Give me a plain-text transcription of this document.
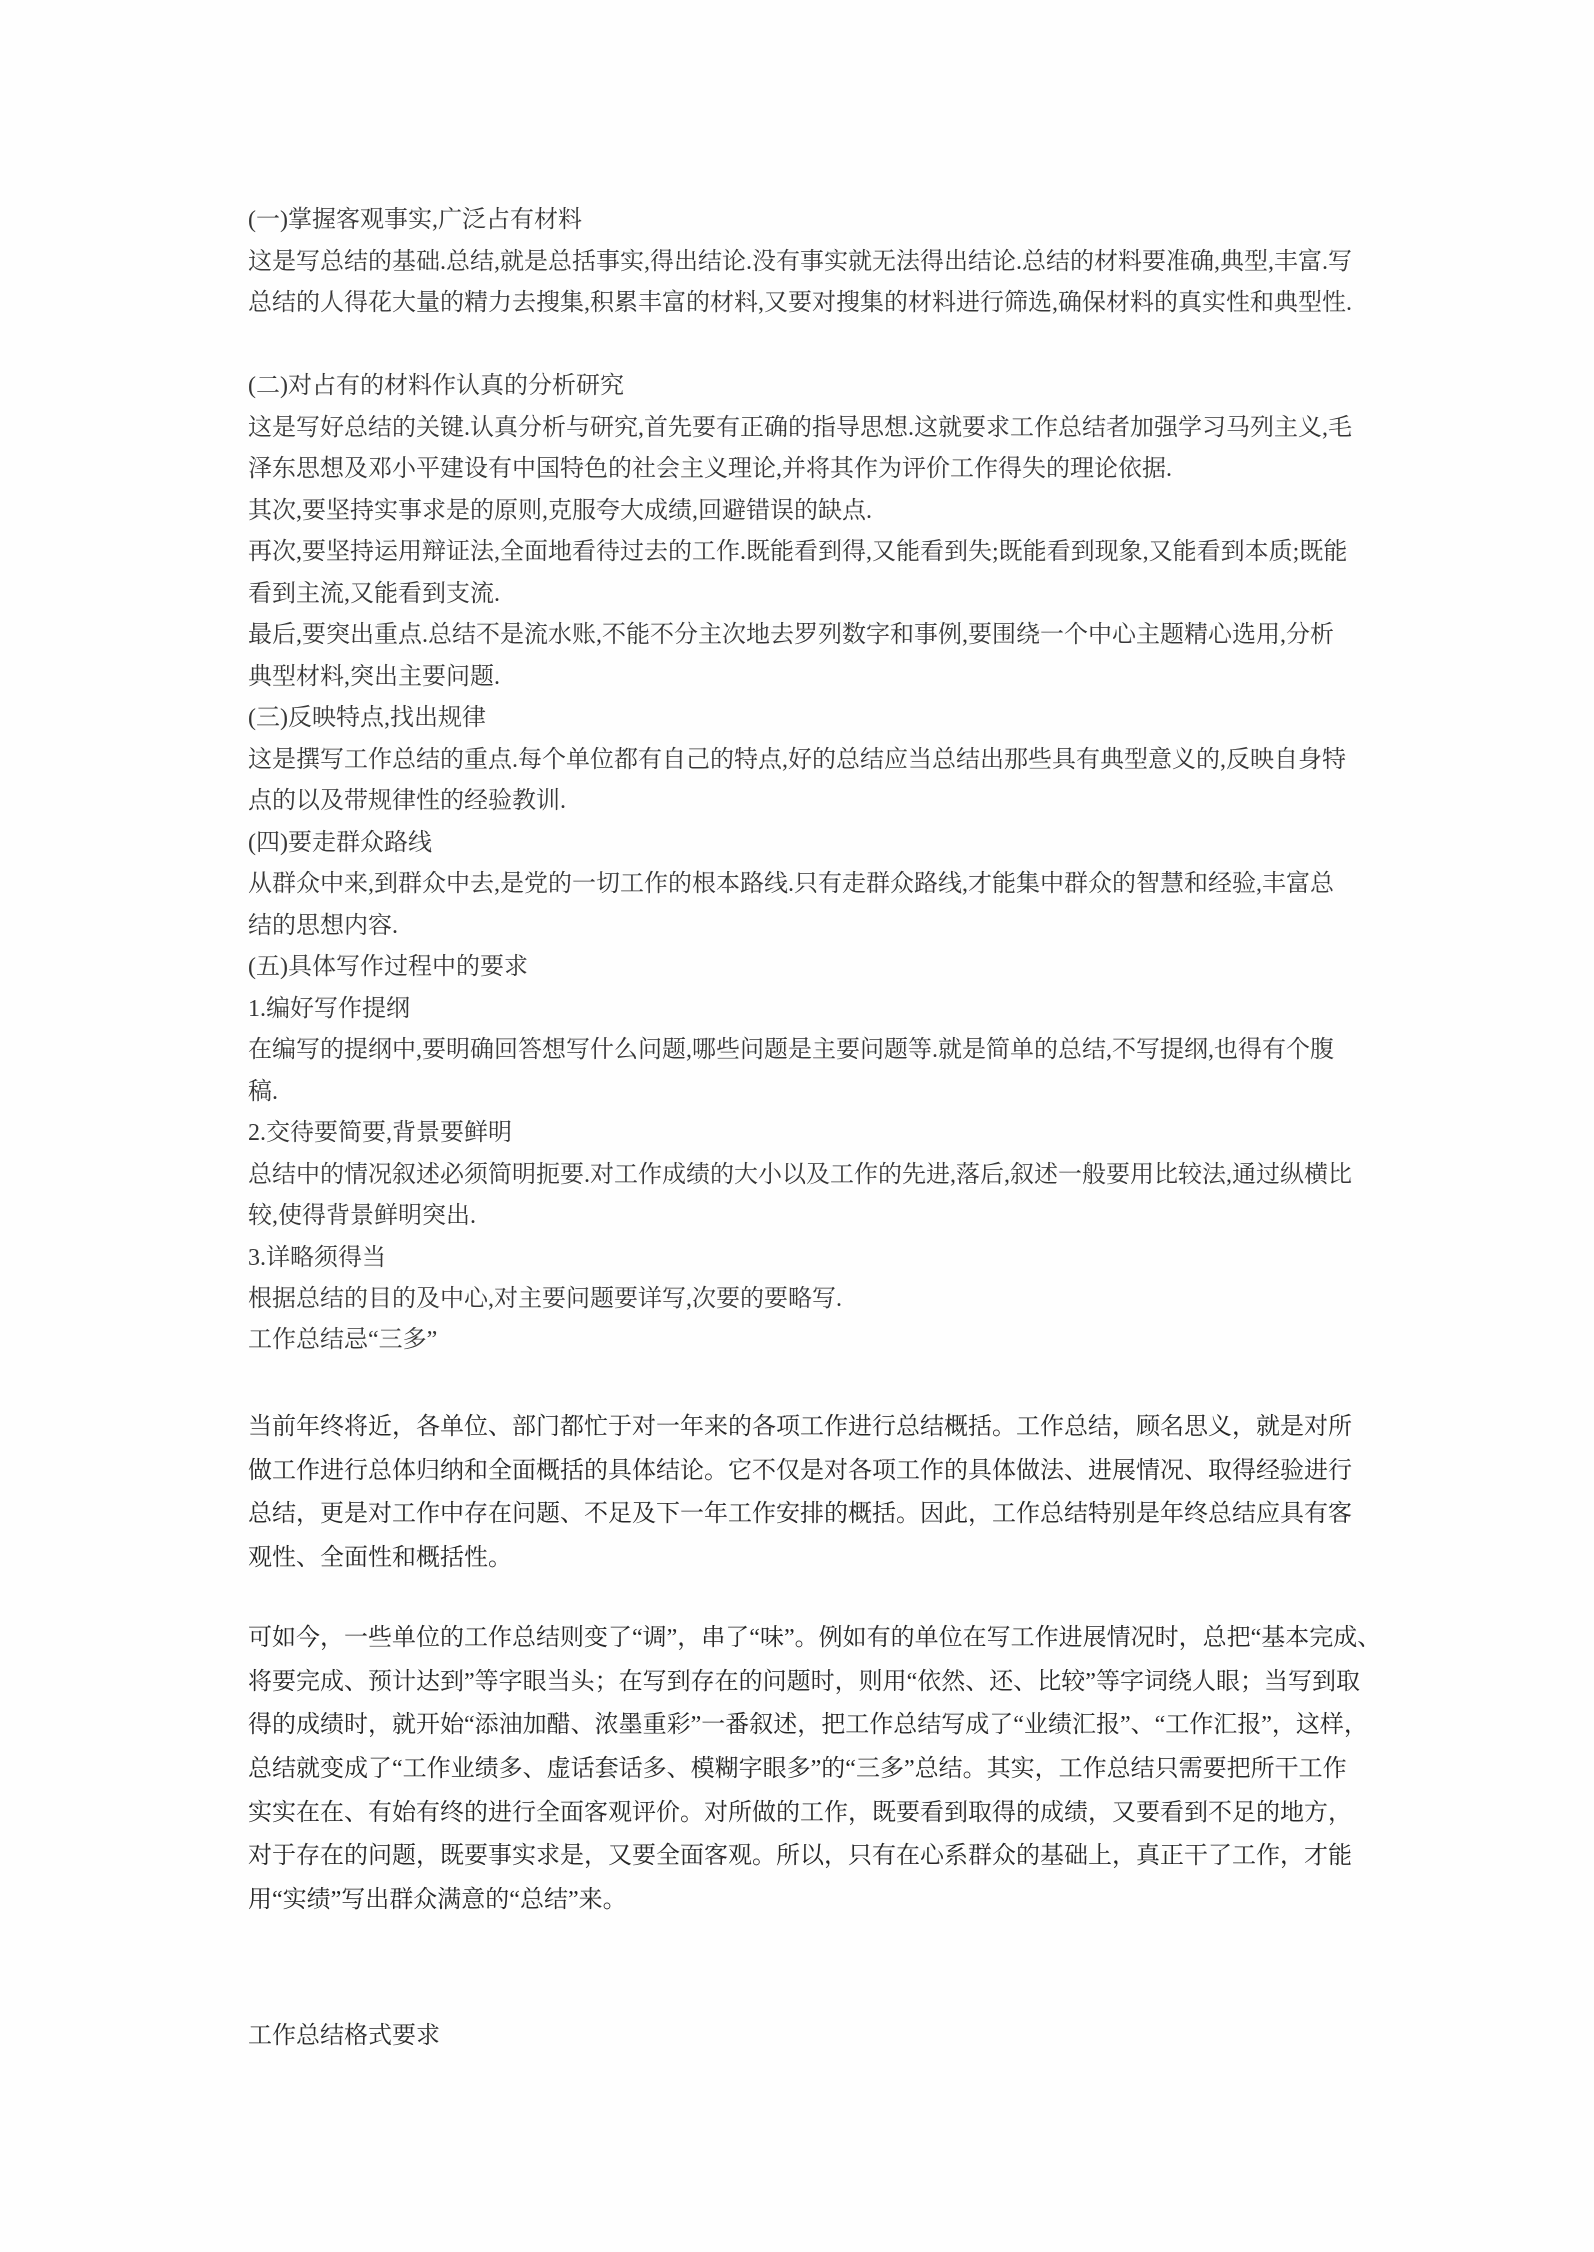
(一)掌握客观事实,广泛占有材料
这是写总结的基础.总结,就是总括事实,得出结论.没有事实就无法得出结论.总结的材料要准确,典型,丰富.写
总结的人得花大量的精力去搜集,积累丰富的材料,又要对搜集的材料进行筛选,确保材料的真实性和典型性.
(二)对占有的材料作认真的分析研究
这是写好总结的关键.认真分析与研究,首先要有正确的指导思想.这就要求工作总结者加强学习马列主义,毛
泽东思想及邓小平建设有中国特色的社会主义理论,并将其作为评价工作得失的理论依据.
其次,要坚持实事求是的原则,克服夸大成绩,回避错误的缺点.
再次,要坚持运用辩证法,全面地看待过去的工作.既能看到得,又能看到失;既能看到现象,又能看到本质;既能
看到主流,又能看到支流.
最后,要突出重点.总结不是流水账,不能不分主次地去罗列数字和事例,要围绕一个中心主题精心选用,分析
典型材料,突出主要问题.
(三)反映特点,找出规律
这是撰写工作总结的重点.每个单位都有自己的特点,好的总结应当总结出那些具有典型意义的,反映自身特
点的以及带规律性的经验教训.
(四)要走群众路线
从群众中来,到群众中去,是党的一切工作的根本路线.只有走群众路线,才能集中群众的智慧和经验,丰富总
结的思想内容.
(五)具体写作过程中的要求
1.编好写作提纲
在编写的提纲中,要明确回答想写什么问题,哪些问题是主要问题等.就是简单的总结,不写提纲,也得有个腹
稿.
2.交待要简要,背景要鲜明
总结中的情况叙述必须简明扼要.对工作成绩的大小以及工作的先进,落后,叙述一般要用比较法,通过纵横比
较,使得背景鲜明突出.
3.详略须得当
根据总结的目的及中心,对主要问题要详写,次要的要略写.
工作总结忌“三多”
当前年终将近，各单位、部门都忙于对一年来的各项工作进行总结概括。工作总结，顾名思义，就是对所
做工作进行总体归纳和全面概括的具体结论。它不仅是对各项工作的具体做法、进展情况、取得经验进行
总结，更是对工作中存在问题、不足及下一年工作安排的概括。因此，工作总结特别是年终总结应具有客
观性、全面性和概括性。
可如今，一些单位的工作总结则变了“调”，串了“味”。例如有的单位在写工作进展情况时，总把“基本完成、
将要完成、预计达到”等字眼当头；在写到存在的问题时，则用“依然、还、比较”等字词绕人眼；当写到取
得的成绩时，就开始“添油加醋、浓墨重彩”一番叙述，把工作总结写成了“业绩汇报”、“工作汇报”，这样，
总结就变成了“工作业绩多、虚话套话多、模糊字眼多”的“三多”总结。其实，工作总结只需要把所干工作
实实在在、有始有终的进行全面客观评价。对所做的工作，既要看到取得的成绩，又要看到不足的地方，
对于存在的问题，既要事实求是，又要全面客观。所以，只有在心系群众的基础上，真正干了工作，才能
用“实绩”写出群众满意的“总结”来。
工作总结格式要求
